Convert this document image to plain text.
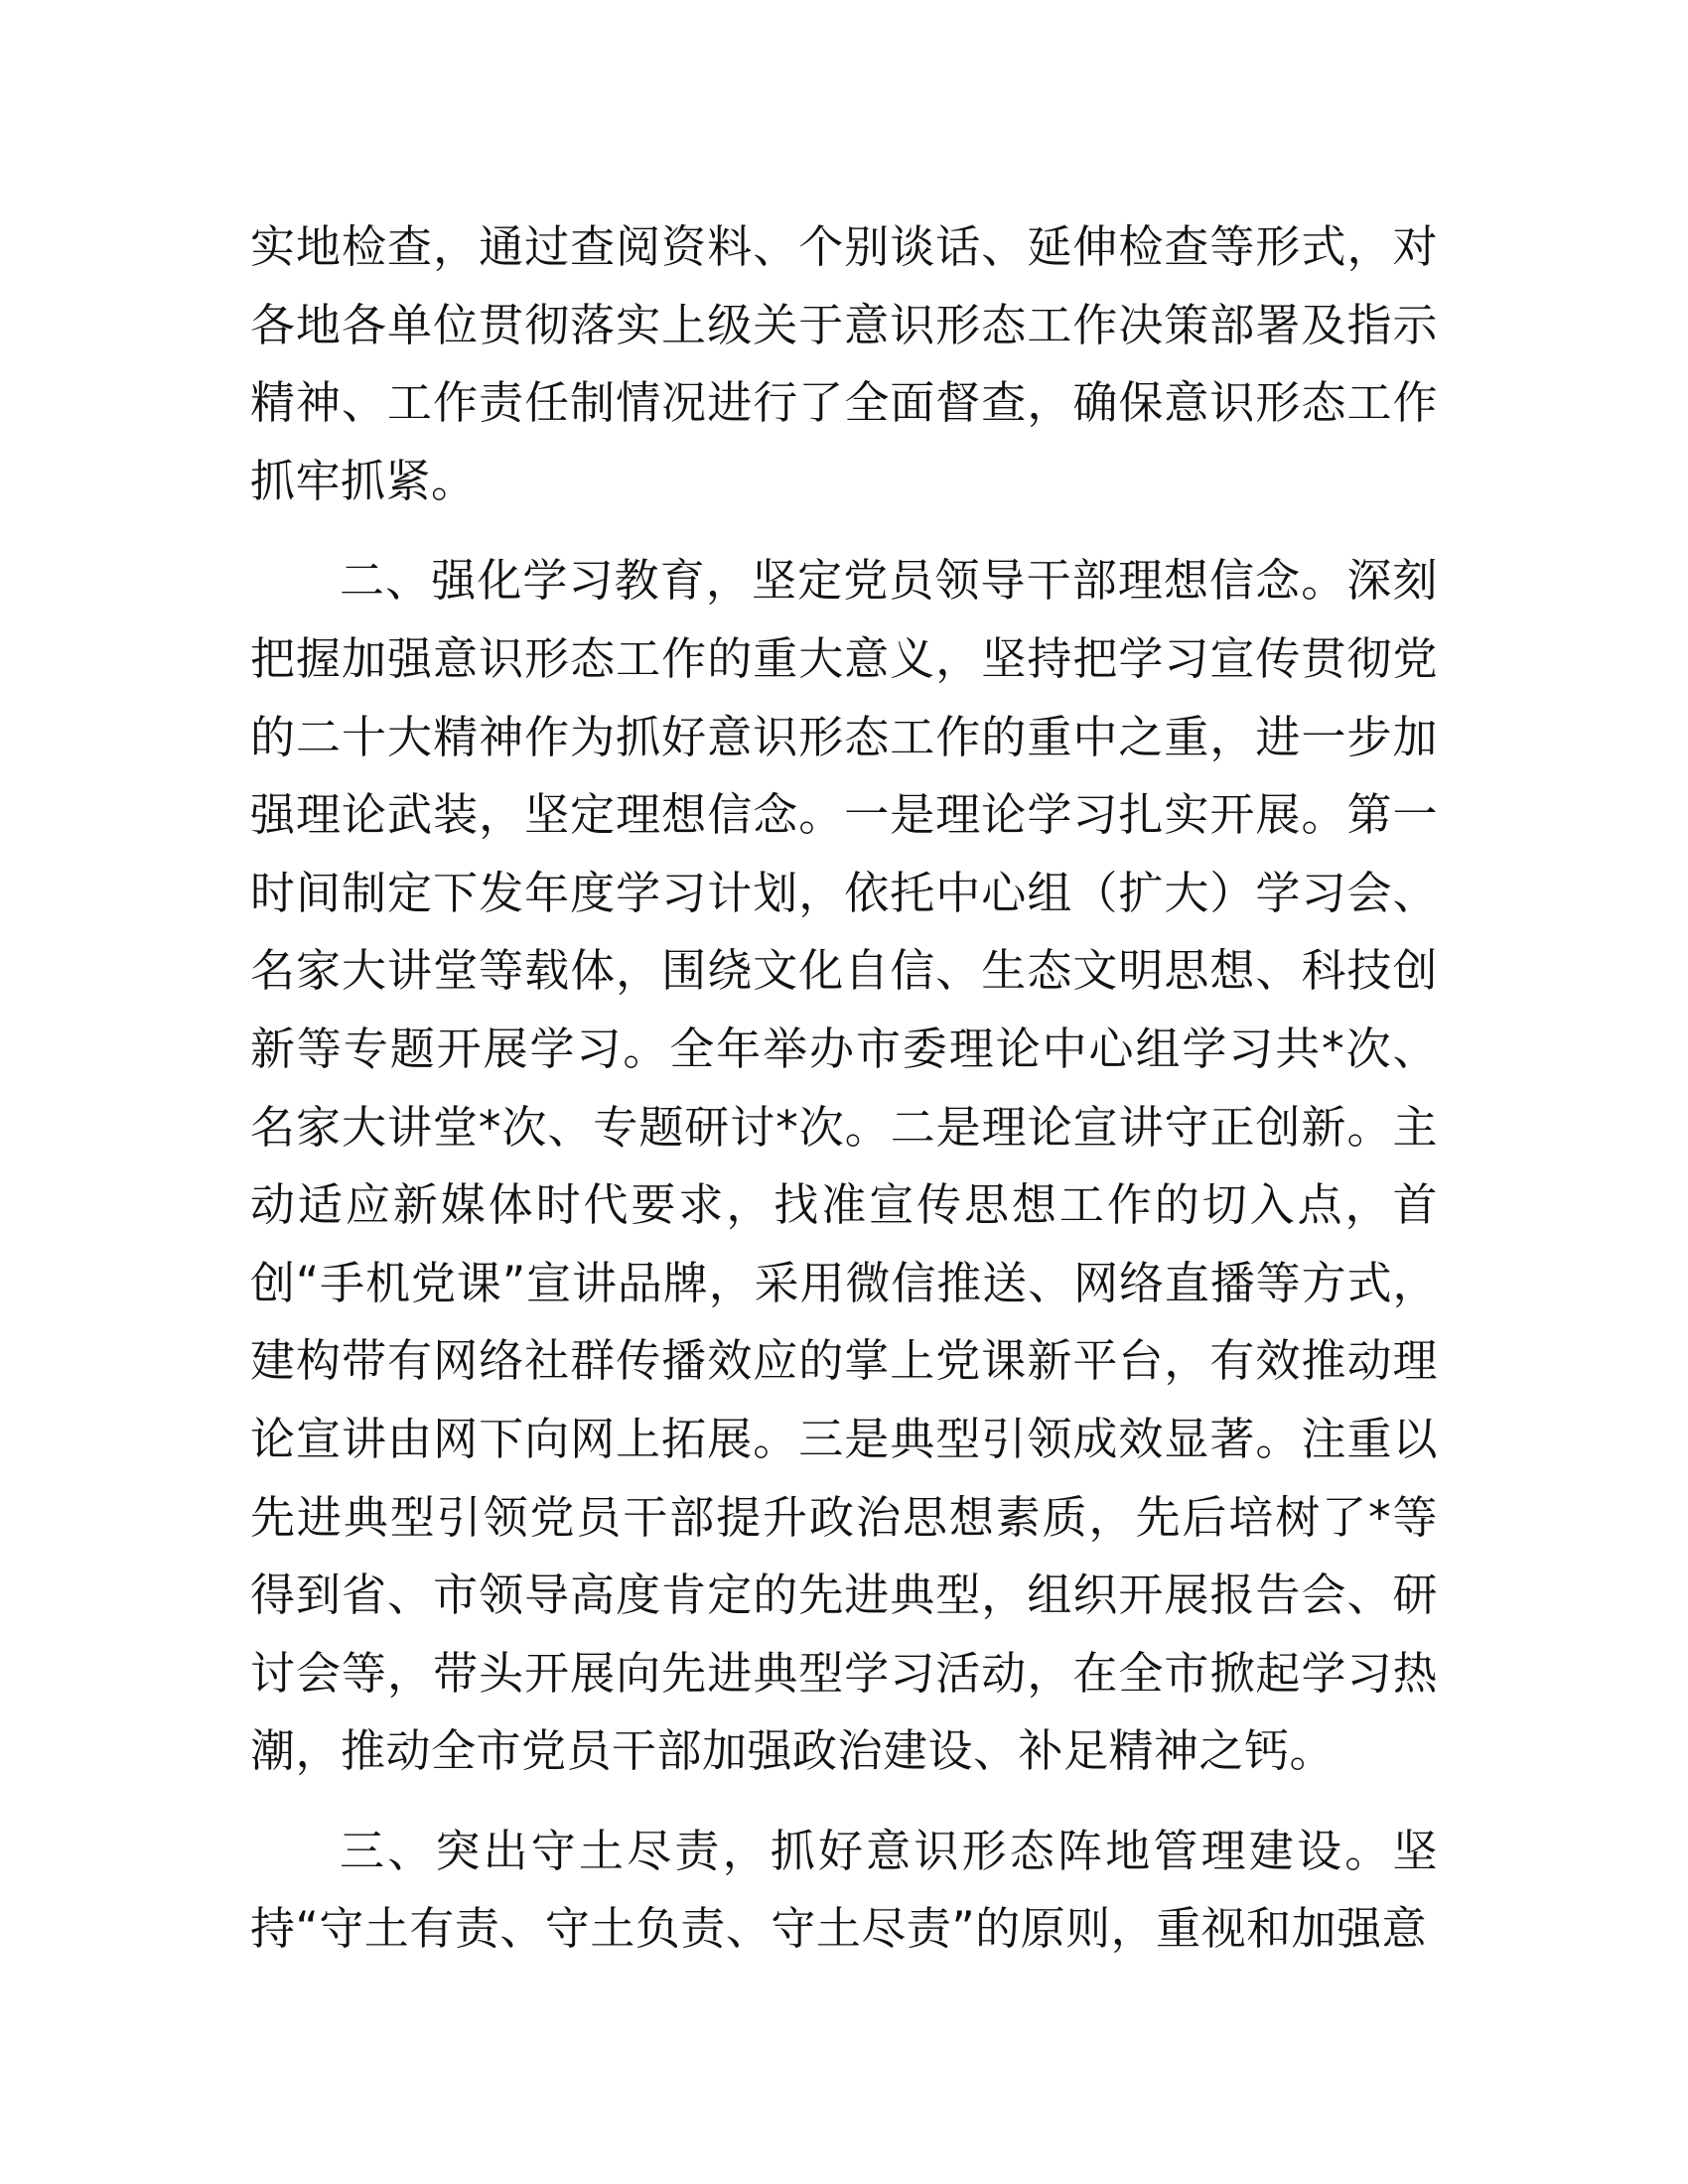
实地检查，通过查阅资料、个别谈话、延伸检查等形式，对各地各单位贯彻落实上级关于意识形态工作决策部署及指示精神、工作责任制情况进行了全面督查，确保意识形态工作抓牢抓紧。

二、强化学习教育，坚定党员领导干部理想信念。深刻把握加强意识形态工作的重大意义，坚持把学习宣传贯彻党的二十大精神作为抓好意识形态工作的重中之重，进一步加强理论武装，坚定理想信念。一是理论学习扎实开展。第一时间制定下发年度学习计划，依托中心组（扩大）学习会、名家大讲堂等载体，围绕文化自信、生态文明思想、科技创新等专题开展学习。全年举办市委理论中心组学习共*次、名家大讲堂*次、专题研讨*次。二是理论宣讲守正创新。主动适应新媒体时代要求，找准宣传思想工作的切入点，首创“手机党课”宣讲品牌，采用微信推送、网络直播等方式，建构带有网络社群传播效应的掌上党课新平台，有效推动理论宣讲由网下向网上拓展。三是典型引领成效显著。注重以先进典型引领党员干部提升政治思想素质，先后培树了*等得到省、市领导高度肯定的先进典型，组织开展报告会、研讨会等，带头开展向先进典型学习活动，在全市掀起学习热潮，推动全市党员干部加强政治建设、补足精神之钙。

三、突出守土尽责，抓好意识形态阵地管理建设。坚持“守土有责、守土负责、守土尽责”的原则，重视和加强意
